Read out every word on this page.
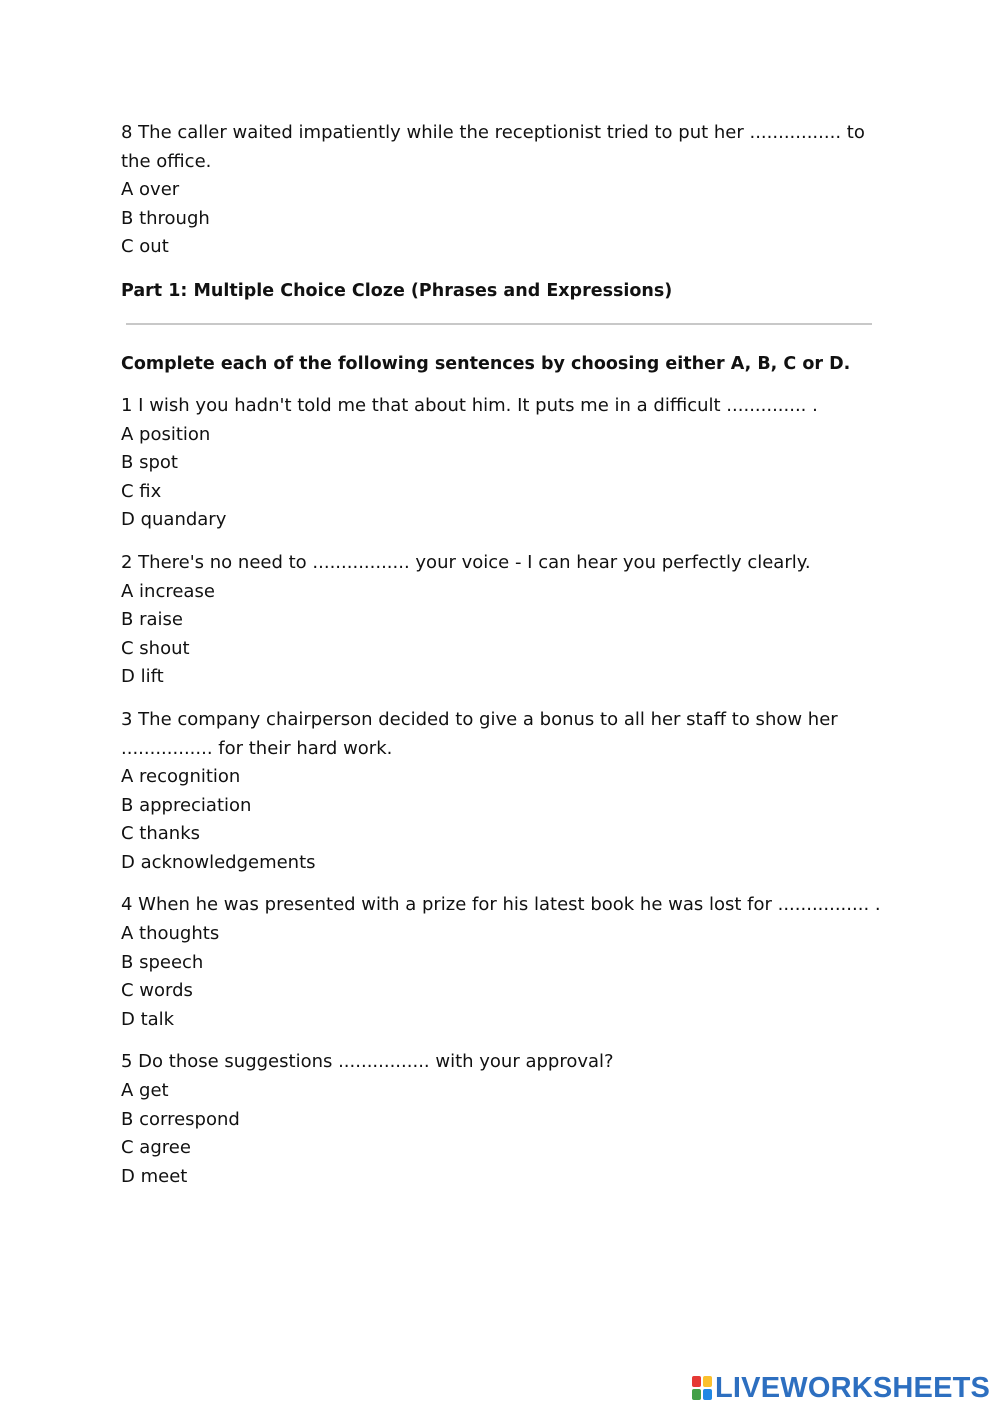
8 The caller waited impatiently while the receptionist tried to put her ................ to the office.
A over
B through
C out
Part 1: Multiple Choice Cloze (Phrases and Expressions)
Complete each of the following sentences by choosing either A, B, C or D.
1 I wish you hadn't told me that about him. It puts me in a difficult .............. .
A position
B spot
C fix
D quandary
2 There's no need to ................. your voice - I can hear you perfectly clearly.
A increase
B raise
C shout
D lift
3 The company chairperson decided to give a bonus to all her staff to show her ................ for their hard work.
A recognition
B appreciation
C thanks
D acknowledgements
4 When he was presented with a prize for his latest book he was lost for ................ .
A thoughts
B speech
C words
D talk
5 Do those suggestions ................ with your approval?
A get
B correspond
C agree
D meet
LIVEWORKSHEETS
